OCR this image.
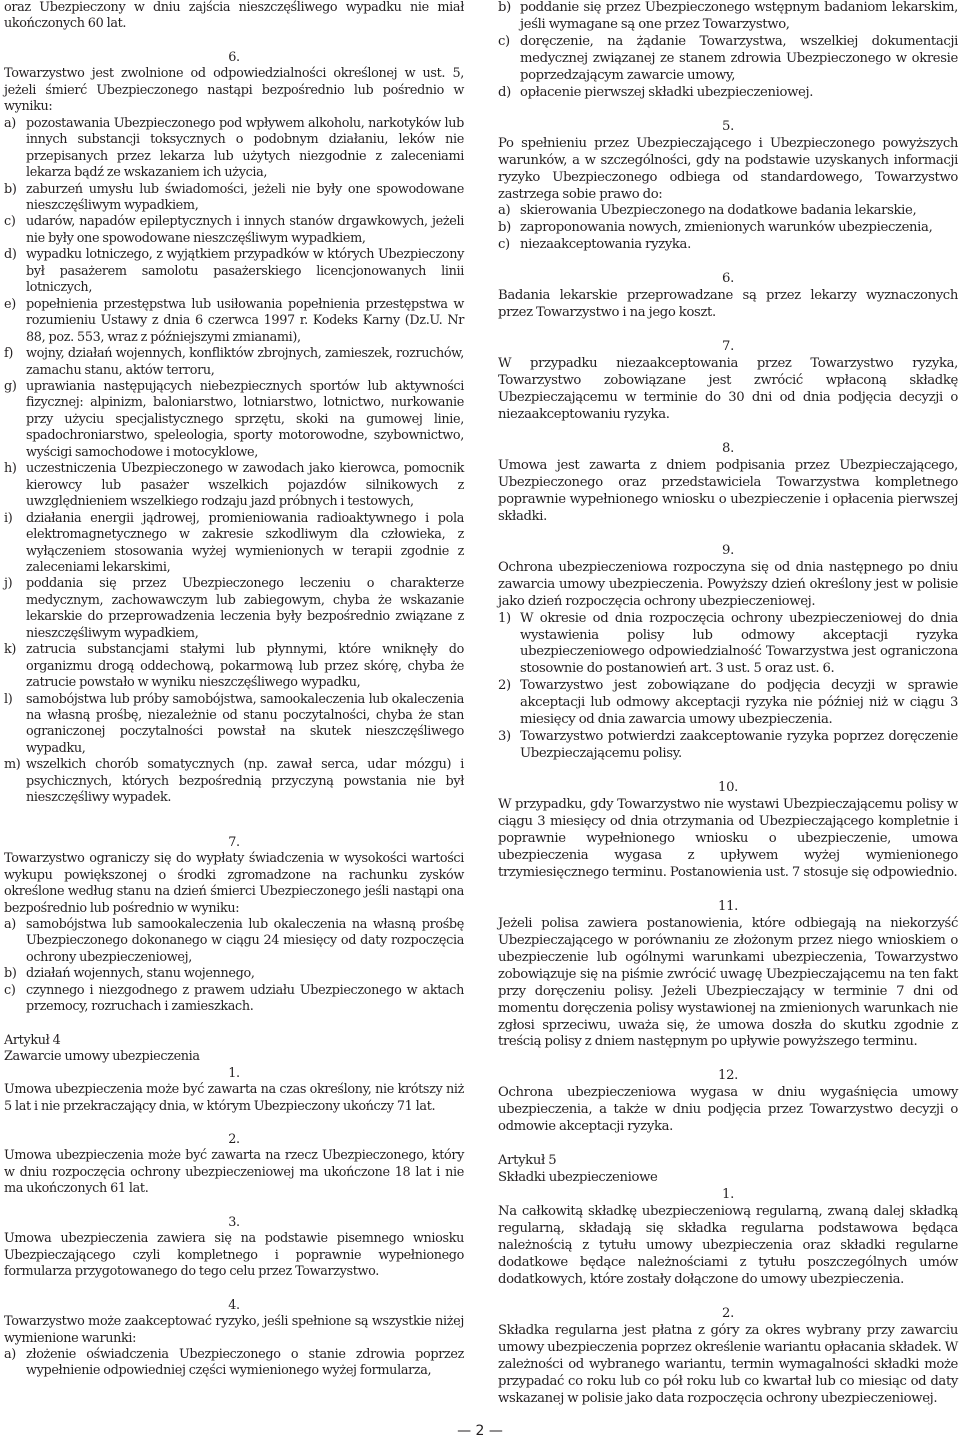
oraz Ubezpieczony w dniu zajścia nieszczęśliwego wypadku nie miał ukończonych 60 lat.

6.

Towarzystwo jest zwolnione od odpowiedzialności określonej w ust. 5, jeżeli śmierć Ubezpieczonego nastąpi bezpośrednio lub pośrednio w wyniku:

a) pozostawania Ubezpieczonego pod wpływem alkoholu, narkotyków lub innych substancji toksycznych o podobnym działaniu, leków nie przepisanych przez lekarza lub użytych niezgodnie z zaleceniami lekarza bądź ze wskazaniem ich użycia,
b) zaburzeń umysłu lub świadomości, jeżeli nie były one spowodowane nieszczęśliwym wypadkiem,
c) udarów, napadów epileptycznych i innych stanów drgawkowych, jeżeli nie były one spowodowane nieszczęśliwym wypadkiem,
d) wypadku lotniczego, z wyjątkiem przypadków w których Ubezpieczony był pasażerem samolotu pasażerskiego licencjonowanych linii lotniczych,
e) popełnienia przestępstwa lub usiłowania popełnienia przestępstwa w rozumieniu Ustawy z dnia 6 czerwca 1997 r. Kodeks Karny (Dz.U. Nr 88, poz. 553, wraz z późniejszymi zmianami),
f)	wojny, działań wojennych, konfliktów zbrojnych, zamieszek, rozruchów, zamachu stanu, aktów terroru,
g) uprawiania następujących niebezpiecznych sportów lub aktywności fizycznej: alpinizm, baloniarstwo, lotniarstwo, lotnictwo, nurkowanie przy użyciu specjalistycznego sprzętu, skoki na gumowej linie, spadochroniarstwo, speleologia, sporty motorowodne, szybownictwo, wyścigi samochodowe i motocyklowe,
h) uczestniczenia Ubezpieczonego w zawodach jako kierowca, pomocnik kierowcy lub pasażer wszelkich pojazdów silnikowych z uwzględnieniem wszelkiego rodzaju jazd próbnych i testowych,
i)	działania energii jądrowej, promieniowania radioaktywnego i pola elektromagnetycznego w zakresie szkodliwym dla człowieka, z wyłączeniem stosowania wyżej wymienionych w terapii zgodnie z zaleceniami lekarskimi,
j)	poddania się przez Ubezpieczonego leczeniu o charakterze medycznym, zachowawczym lub zabiegowym, chyba że wskazanie lekarskie do przeprowadzenia leczenia były bezpośrednio związane z nieszczęśliwym wypadkiem,
k) zatrucia substancjami stałymi lub płynnymi, które wniknęły do organizmu drogą oddechową, pokarmową lub przez skórę, chyba że zatrucie powstało w wyniku nieszczęśliwego wypadku,
l)	samobójstwa lub próby samobójstwa, samookaleczenia lub okaleczenia na własną prośbę, niezależnie od stanu poczytalności, chyba że stan ograniczonej poczytalności powstał na skutek nieszczęśliwego wypadku,
m) wszelkich chorób somatycznych (np. zawał serca, udar mózgu) i psychicznych, których bezpośrednią przyczyną powstania nie był nieszczęśliwy wypadek.

7.

Towarzystwo ograniczy się do wypłaty świadczenia w wysokości wartości wykupu powiększonej o środki zgromadzone na rachunku zysków określone według stanu na dzień śmierci Ubezpieczonego jeśli nastąpi ona bezpośrednio lub pośrednio w wyniku:

a) samobójstwa lub samookaleczenia lub okaleczenia na własną prośbę Ubezpieczonego dokonanego w ciągu 24 miesięcy od daty rozpoczęcia ochrony ubezpieczeniowej,
b) działań wojennych, stanu wojennego,
c) czynnego i niezgodnego z prawem udziału Ubezpieczonego w aktach przemocy, rozruchach i zamieszkach.

Artykuł 4

Zawarcie umowy ubezpieczenia

1.

Umowa ubezpieczenia może być zawarta na czas określony, nie krótszy niż 5 lat i nie przekraczający dnia, w którym Ubezpieczony ukończy 71 lat.

2.

Umowa ubezpieczenia może być zawarta na rzecz Ubezpieczonego, który w dniu rozpoczęcia ochrony ubezpieczeniowej ma ukończone 18 lat i nie ma ukończonych 61 lat.

3.

Umowa ubezpieczenia zawiera się na podstawie pisemnego wniosku Ubezpieczającego czyli kompletnego i poprawnie wypełnionego formularza przygotowanego do tego celu przez Towarzystwo.

4.

Towarzystwo może zaakceptować ryzyko, jeśli spełnione są wszystkie niżej wymienione warunki:

a) złożenie oświadczenia Ubezpieczonego o stanie zdrowia poprzez wypełnienie odpowiedniej części wymienionego wyżej formularza,
b) poddanie się przez Ubezpieczonego wstępnym badaniom lekarskim, jeśli wymagane są one przez Towarzystwo,
c) doręczenie, na żądanie Towarzystwa, wszelkiej dokumentacji medycznej związanej ze stanem zdrowia Ubezpieczonego w okresie poprzedzającym zawarcie umowy,
d) opłacenie pierwszej składki ubezpieczeniowej.

5.

Po spełnieniu przez Ubezpieczającego i Ubezpieczonego powyższych warunków, a w szczególności, gdy na podstawie uzyskanych informacji ryzyko Ubezpieczonego odbiega od standardowego, Towarzystwo zastrzega sobie prawo do:

a) skierowania Ubezpieczonego na dodatkowe badania lekarskie,
b) zaproponowania nowych, zmienionych warunków ubezpieczenia,
c) niezaakceptowania ryzyka.

6.

Badania lekarskie przeprowadzane są przez lekarzy wyznaczonych przez Towarzystwo i na jego koszt.

7.

W przypadku niezaakceptowania przez Towarzystwo ryzyka, Towarzystwo zobowiązane jest zwrócić wpłaconą składkę Ubezpieczającemu w terminie do 30 dni od dnia podjęcia decyzji o niezaakceptowaniu ryzyka.

8.

Umowa jest zawarta z dniem podpisania przez Ubezpieczającego, Ubezpieczonego oraz przedstawiciela Towarzystwa kompletnego poprawnie wypełnionego wniosku o ubezpieczenie i opłacenia pierwszej składki.

9.

Ochrona ubezpieczeniowa rozpoczyna się od dnia następnego po dniu zawarcia umowy ubezpieczenia. Powyższy dzień określony jest w polisie jako dzień rozpoczęcia ochrony ubezpieczeniowej.

1) W okresie od dnia rozpoczęcia ochrony ubezpieczeniowej do dnia wystawienia polisy lub odmowy akceptacji ryzyka ubezpieczeniowego odpowiedzialność Towarzystwa jest ograniczona stosownie do postanowień art. 3 ust. 5 oraz ust. 6.
2) Towarzystwo jest zobowiązane do podjęcia decyzji w sprawie akceptacji lub odmowy akceptacji ryzyka nie później niż w ciągu 3 miesięcy od dnia zawarcia umowy ubezpieczenia.
3) Towarzystwo potwierdzi zaakceptowanie ryzyka poprzez doręczenie Ubezpieczającemu polisy.

10.

W przypadku, gdy Towarzystwo nie wystawi Ubezpieczającemu polisy w ciągu 3 miesięcy od dnia otrzymania od Ubezpieczającego kompletnie i poprawnie wypełnionego wniosku o ubezpieczenie, umowa ubezpieczenia wygasa z upływem wyżej wymienionego trzymiesięcznego terminu. Postanowienia ust. 7 stosuje się odpowiednio.

11.

Jeżeli polisa zawiera postanowienia, które odbiegają na niekorzyść Ubezpieczającego w porównaniu ze złożonym przez niego wnioskiem o ubezpieczenie lub ogólnymi warunkami ubezpieczenia, Towarzystwo zobowiązuje się na piśmie zwrócić uwagę Ubezpieczającemu na ten fakt przy doręczeniu polisy. Jeżeli Ubezpieczający w terminie 7 dni od momentu doręczenia polisy wystawionej na zmienionych warunkach nie zgłosi sprzeciwu, uważa się, że umowa doszła do skutku zgodnie z treścią polisy z dniem następnym po upływie powyższego terminu.

12.

Ochrona ubezpieczeniowa wygasa w dniu wygaśnięcia umowy ubezpieczenia, a także w dniu podjęcia przez Towarzystwo decyzji o odmowie akceptacji ryzyka.

Artykuł 5

Składki ubezpieczeniowe

1.

Na całkowitą składkę ubezpieczeniową regularną, zwaną dalej składką regularną, składają się składka regularna podstawowa będąca należnością z tytułu umowy ubezpieczenia oraz składki regularne dodatkowe będące należnościami z tytułu poszczególnych umów dodatkowych, które zostały dołączone do umowy ubezpieczenia.

2.

Składka regularna jest płatna z góry za okres wybrany przy zawarciu umowy ubezpieczenia poprzez określenie wariantu opłacania składek. W zależności od wybranego wariantu, termin wymagalności składki może przypadać co roku lub co pół roku lub co kwartał lub co miesiąc od daty wskazanej w polisie jako data rozpoczęcia ochrony ubezpieczeniowej.

— 2 —
